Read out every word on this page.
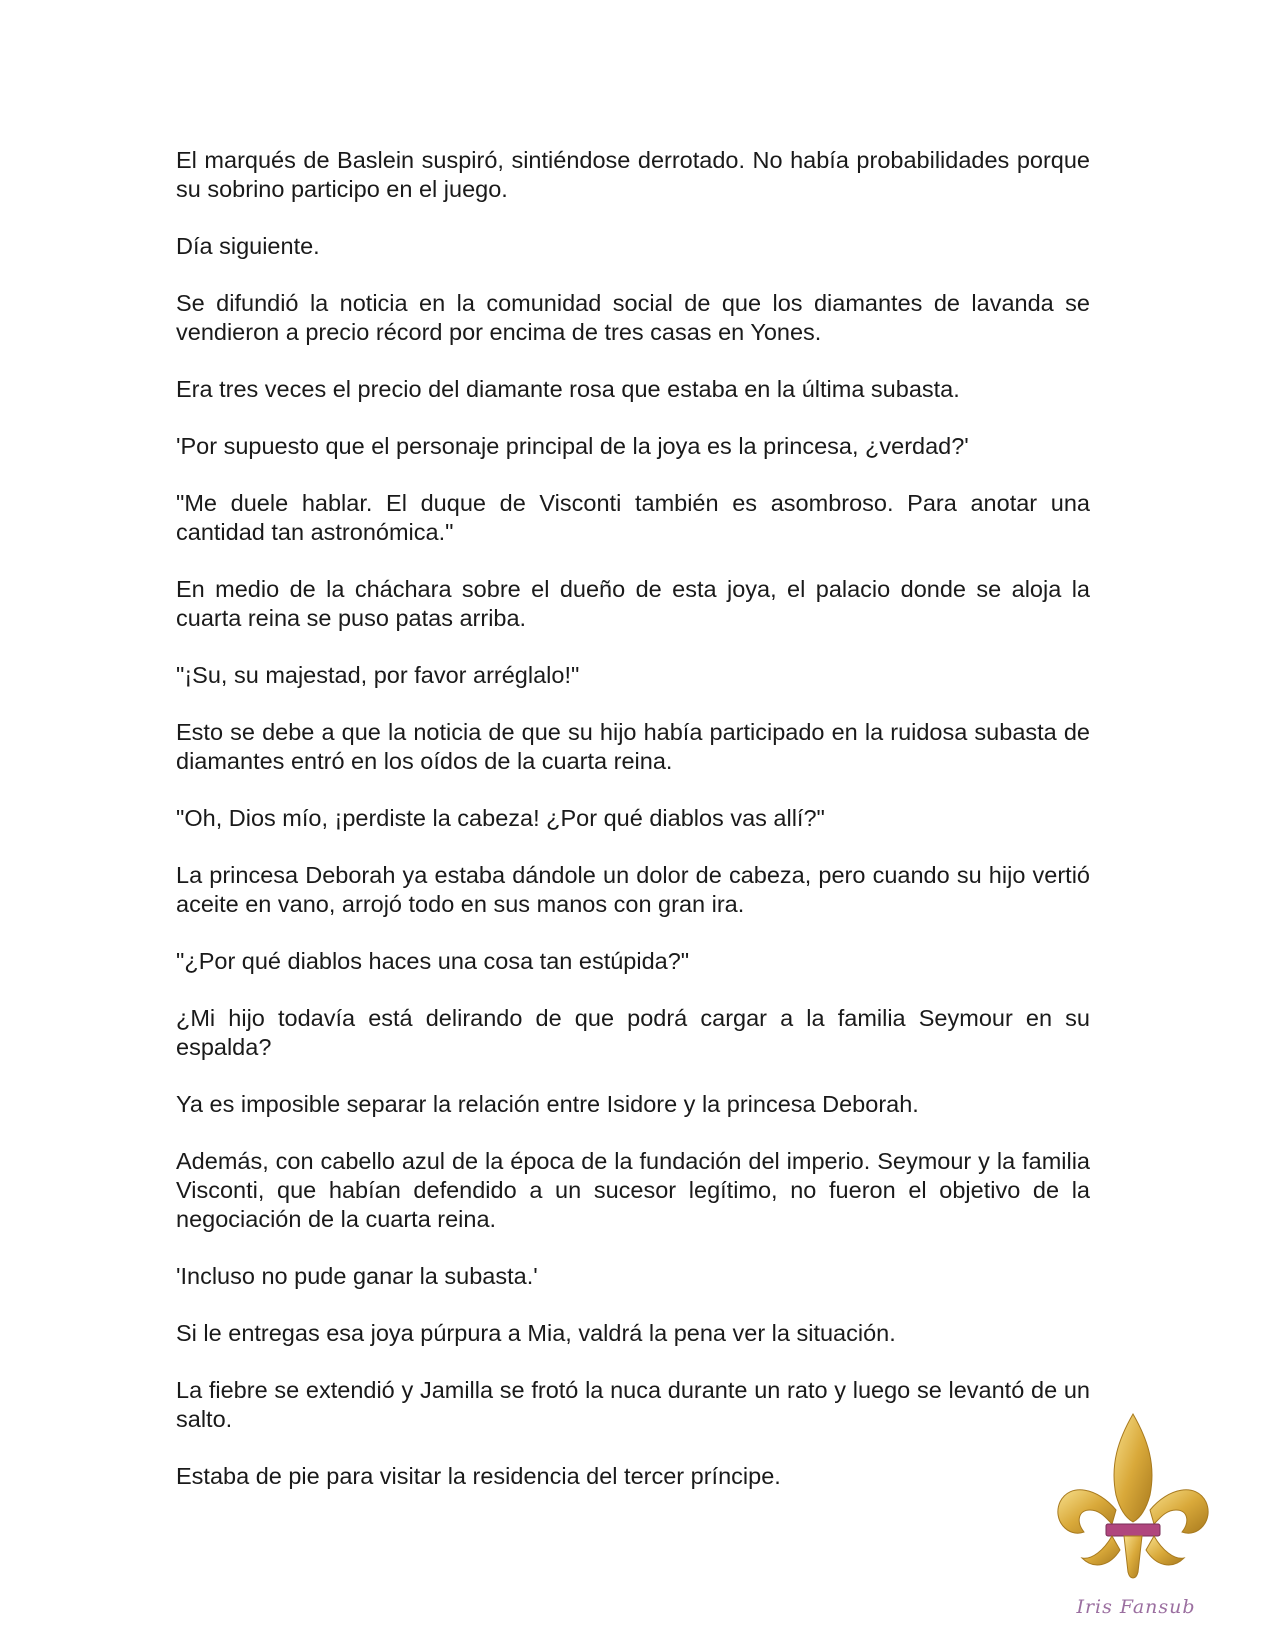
El marqués de Baslein suspiró, sintiéndose derrotado. No había probabilidades porque su sobrino participo en el juego.

Día siguiente.

Se difundió la noticia en la comunidad social de que los diamantes de lavanda se vendieron a precio récord por encima de tres casas en Yones.

Era tres veces el precio del diamante rosa que estaba en la última subasta.

'Por supuesto que el personaje principal de la joya es la princesa, ¿verdad?'

"Me duele hablar. El duque de Visconti también es asombroso. Para anotar una cantidad tan astronómica."

En medio de la cháchara sobre el dueño de esta joya, el palacio donde se aloja la cuarta reina se puso patas arriba.

"¡Su, su majestad, por favor arréglalo!"

Esto se debe a que la noticia de que su hijo había participado en la ruidosa subasta de diamantes entró en los oídos de la cuarta reina.

"Oh, Dios mío, ¡perdiste la cabeza! ¿Por qué diablos vas allí?"

La princesa Deborah ya estaba dándole un dolor de cabeza, pero cuando su hijo vertió aceite en vano, arrojó todo en sus manos con gran ira.

"¿Por qué diablos haces una cosa tan estúpida?"

¿Mi hijo todavía está delirando de que podrá cargar a la familia Seymour en su espalda?

Ya es imposible separar la relación entre Isidore y la princesa Deborah.

Además, con cabello azul de la época de la fundación del imperio. Seymour y la familia Visconti, que habían defendido a un sucesor legítimo, no fueron el objetivo de la negociación de la cuarta reina.

'Incluso no pude ganar la subasta.'

Si le entregas esa joya púrpura a Mia, valdrá la pena ver la situación.

La fiebre se extendió y Jamilla se frotó la nuca durante un rato y luego se levantó de un salto.

Estaba de pie para visitar la residencia del tercer príncipe.

Iris Fansub
